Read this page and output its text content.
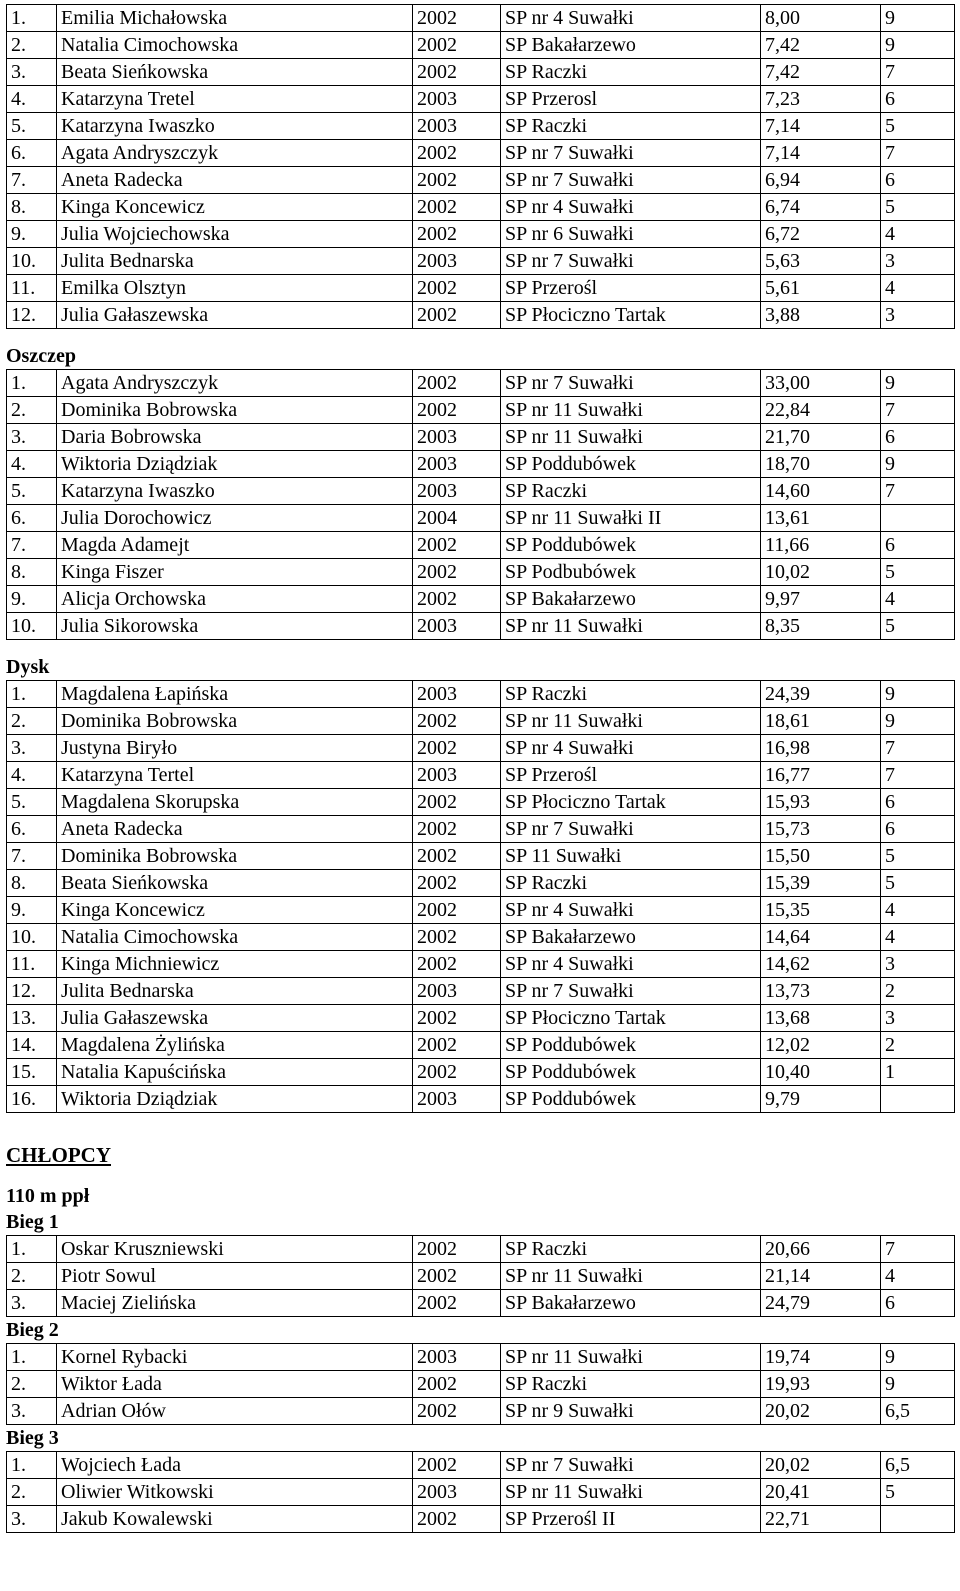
1.	Emilia Michałowska	2002	SP nr 4 Suwałki	8,00	9
2.	Natalia Cimochowska	2002	SP Bakałarzewo	7,42	9
3.	Beata Sieńkowska	2002	SP Raczki	7,42	7
4.	Katarzyna Tretel	2003	SP Przerosl	7,23	6
5.	Katarzyna Iwaszko	2003	SP Raczki	7,14	5
6.	Agata Andryszczyk	2002	SP nr 7 Suwałki	7,14	7
7.	Aneta Radecka	2002	SP nr 7 Suwałki	6,94	6
8.	Kinga Koncewicz	2002	SP nr 4 Suwałki	6,74	5
9.	Julia Wojciechowska	2002	SP nr 6 Suwałki	6,72	4
10.	Julita Bednarska	2003	SP nr 7 Suwałki	5,63	3
11.	Emilka Olsztyn	2002	SP Przerośl	5,61	4
12.	Julia Gałaszewska	2002	SP Płociczno Tartak	3,88	3
Oszczep
1.	Agata Andryszczyk	2002	SP nr 7 Suwałki	33,00	9
2.	Dominika Bobrowska	2002	SP nr 11 Suwałki	22,84	7
3.	Daria Bobrowska	2003	SP nr 11 Suwałki	21,70	6
4.	Wiktoria Dziądziak	2003	SP Poddubówek	18,70	9
5.	Katarzyna Iwaszko	2003	SP Raczki	14,60	7
6.	Julia Dorochowicz	2004	SP nr 11 Suwałki II	13,61	
7.	Magda Adamejt	2002	SP Poddubówek	11,66	6
8.	Kinga Fiszer	2002	SP Podbubówek	10,02	5
9.	Alicja Orchowska	2002	SP Bakałarzewo	9,97	4
10.	Julia Sikorowska	2003	SP nr 11 Suwałki	8,35	5
Dysk
1.	Magdalena Łapińska	2003	SP Raczki	24,39	9
2.	Dominika Bobrowska	2002	SP nr 11 Suwałki	18,61	9
3.	Justyna Biryło	2002	SP nr 4 Suwałki	16,98	7
4.	Katarzyna Tertel	2003	SP Przerośl	16,77	7
5.	Magdalena Skorupska	2002	SP Płociczno Tartak	15,93	6
6.	Aneta Radecka	2002	SP nr 7 Suwałki	15,73	6
7.	Dominika Bobrowska	2002	SP 11 Suwałki	15,50	5
8.	Beata Sieńkowska	2002	SP Raczki	15,39	5
9.	Kinga Koncewicz	2002	SP nr 4 Suwałki	15,35	4
10.	Natalia Cimochowska	2002	SP Bakałarzewo	14,64	4
11.	Kinga Michniewicz	2002	SP nr 4 Suwałki	14,62	3
12.	Julita Bednarska	2003	SP nr 7 Suwałki	13,73	2
13.	Julia Gałaszewska	2002	SP Płociczno Tartak	13,68	3
14.	Magdalena Żylińska	2002	SP Poddubówek	12,02	2
15.	Natalia Kapuścińska	2002	SP Poddubówek	10,40	1
16.	Wiktoria Dziądziak	2003	SP Poddubówek	9,79	
CHŁOPCY
110 m ppł
Bieg 1
1.	Oskar Kruszniewski	2002	SP Raczki	20,66	7
2.	Piotr Sowul	2002	SP nr 11 Suwałki	21,14	4
3.	Maciej Zielińska	2002	SP Bakałarzewo	24,79	6
Bieg 2
1.	Kornel Rybacki	2003	SP nr 11 Suwałki	19,74	9
2.	Wiktor Łada	2002	SP Raczki	19,93	9
3.	Adrian Ołów	2002	SP nr 9 Suwałki	20,02	6,5
Bieg 3
1.	Wojciech Łada	2002	SP nr 7 Suwałki	20,02	6,5
2.	Oliwier Witkowski	2003	SP nr 11 Suwałki	20,41	5
3.	Jakub Kowalewski	2002	SP Przerośl II	22,71	
